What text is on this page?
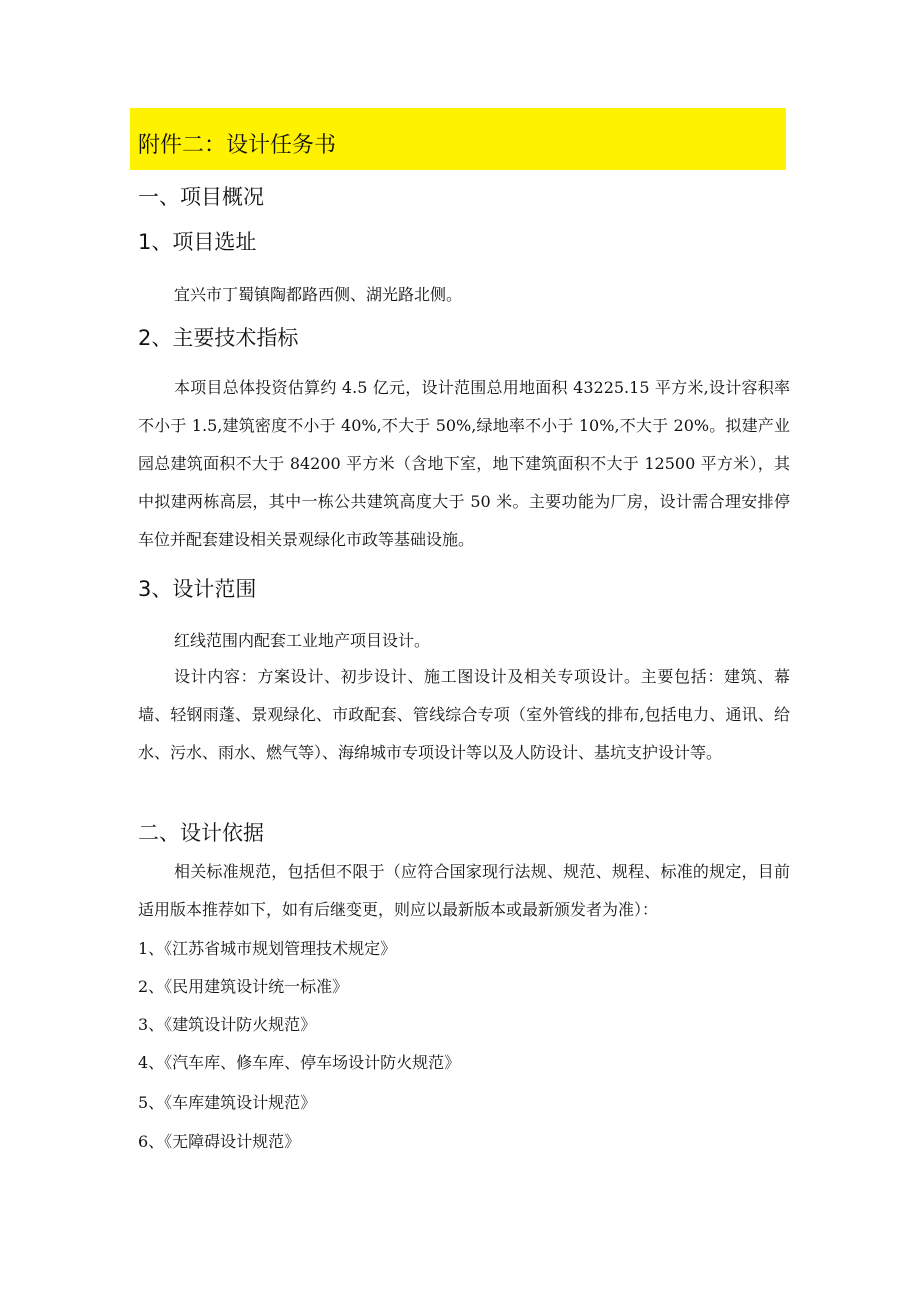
附件二：设计任务书
一、项目概况
1、项目选址
宜兴市丁蜀镇陶都路西侧、湖光路北侧。
2、主要技术指标
本项目总体投资估算约 4.5 亿元，设计范围总用地面积 43225.15 平方米,设计容积率不小于 1.5,建筑密度不小于 40%,不大于 50%,绿地率不小于 10%,不大于 20%。拟建产业园总建筑面积不大于 84200 平方米（含地下室，地下建筑面积不大于 12500 平方米），其中拟建两栋高层，其中一栋公共建筑高度大于 50 米。主要功能为厂房，设计需合理安排停车位并配套建设相关景观绿化市政等基础设施。
3、设计范围
红线范围内配套工业地产项目设计。
设计内容：方案设计、初步设计、施工图设计及相关专项设计。主要包括：建筑、幕墙、轻钢雨蓬、景观绿化、市政配套、管线综合专项（室外管线的排布,包括电力、通讯、给水、污水、雨水、燃气等）、海绵城市专项设计等以及人防设计、基坑支护设计等。
二、设计依据
相关标准规范，包括但不限于（应符合国家现行法规、规范、规程、标准的规定，目前适用版本推荐如下，如有后继变更，则应以最新版本或最新颁发者为准）：
1、《江苏省城市规划管理技术规定》
2、《民用建筑设计统一标准》
3、《建筑设计防火规范》
4、《汽车库、修车库、停车场设计防火规范》
5、《车库建筑设计规范》
6、《无障碍设计规范》
